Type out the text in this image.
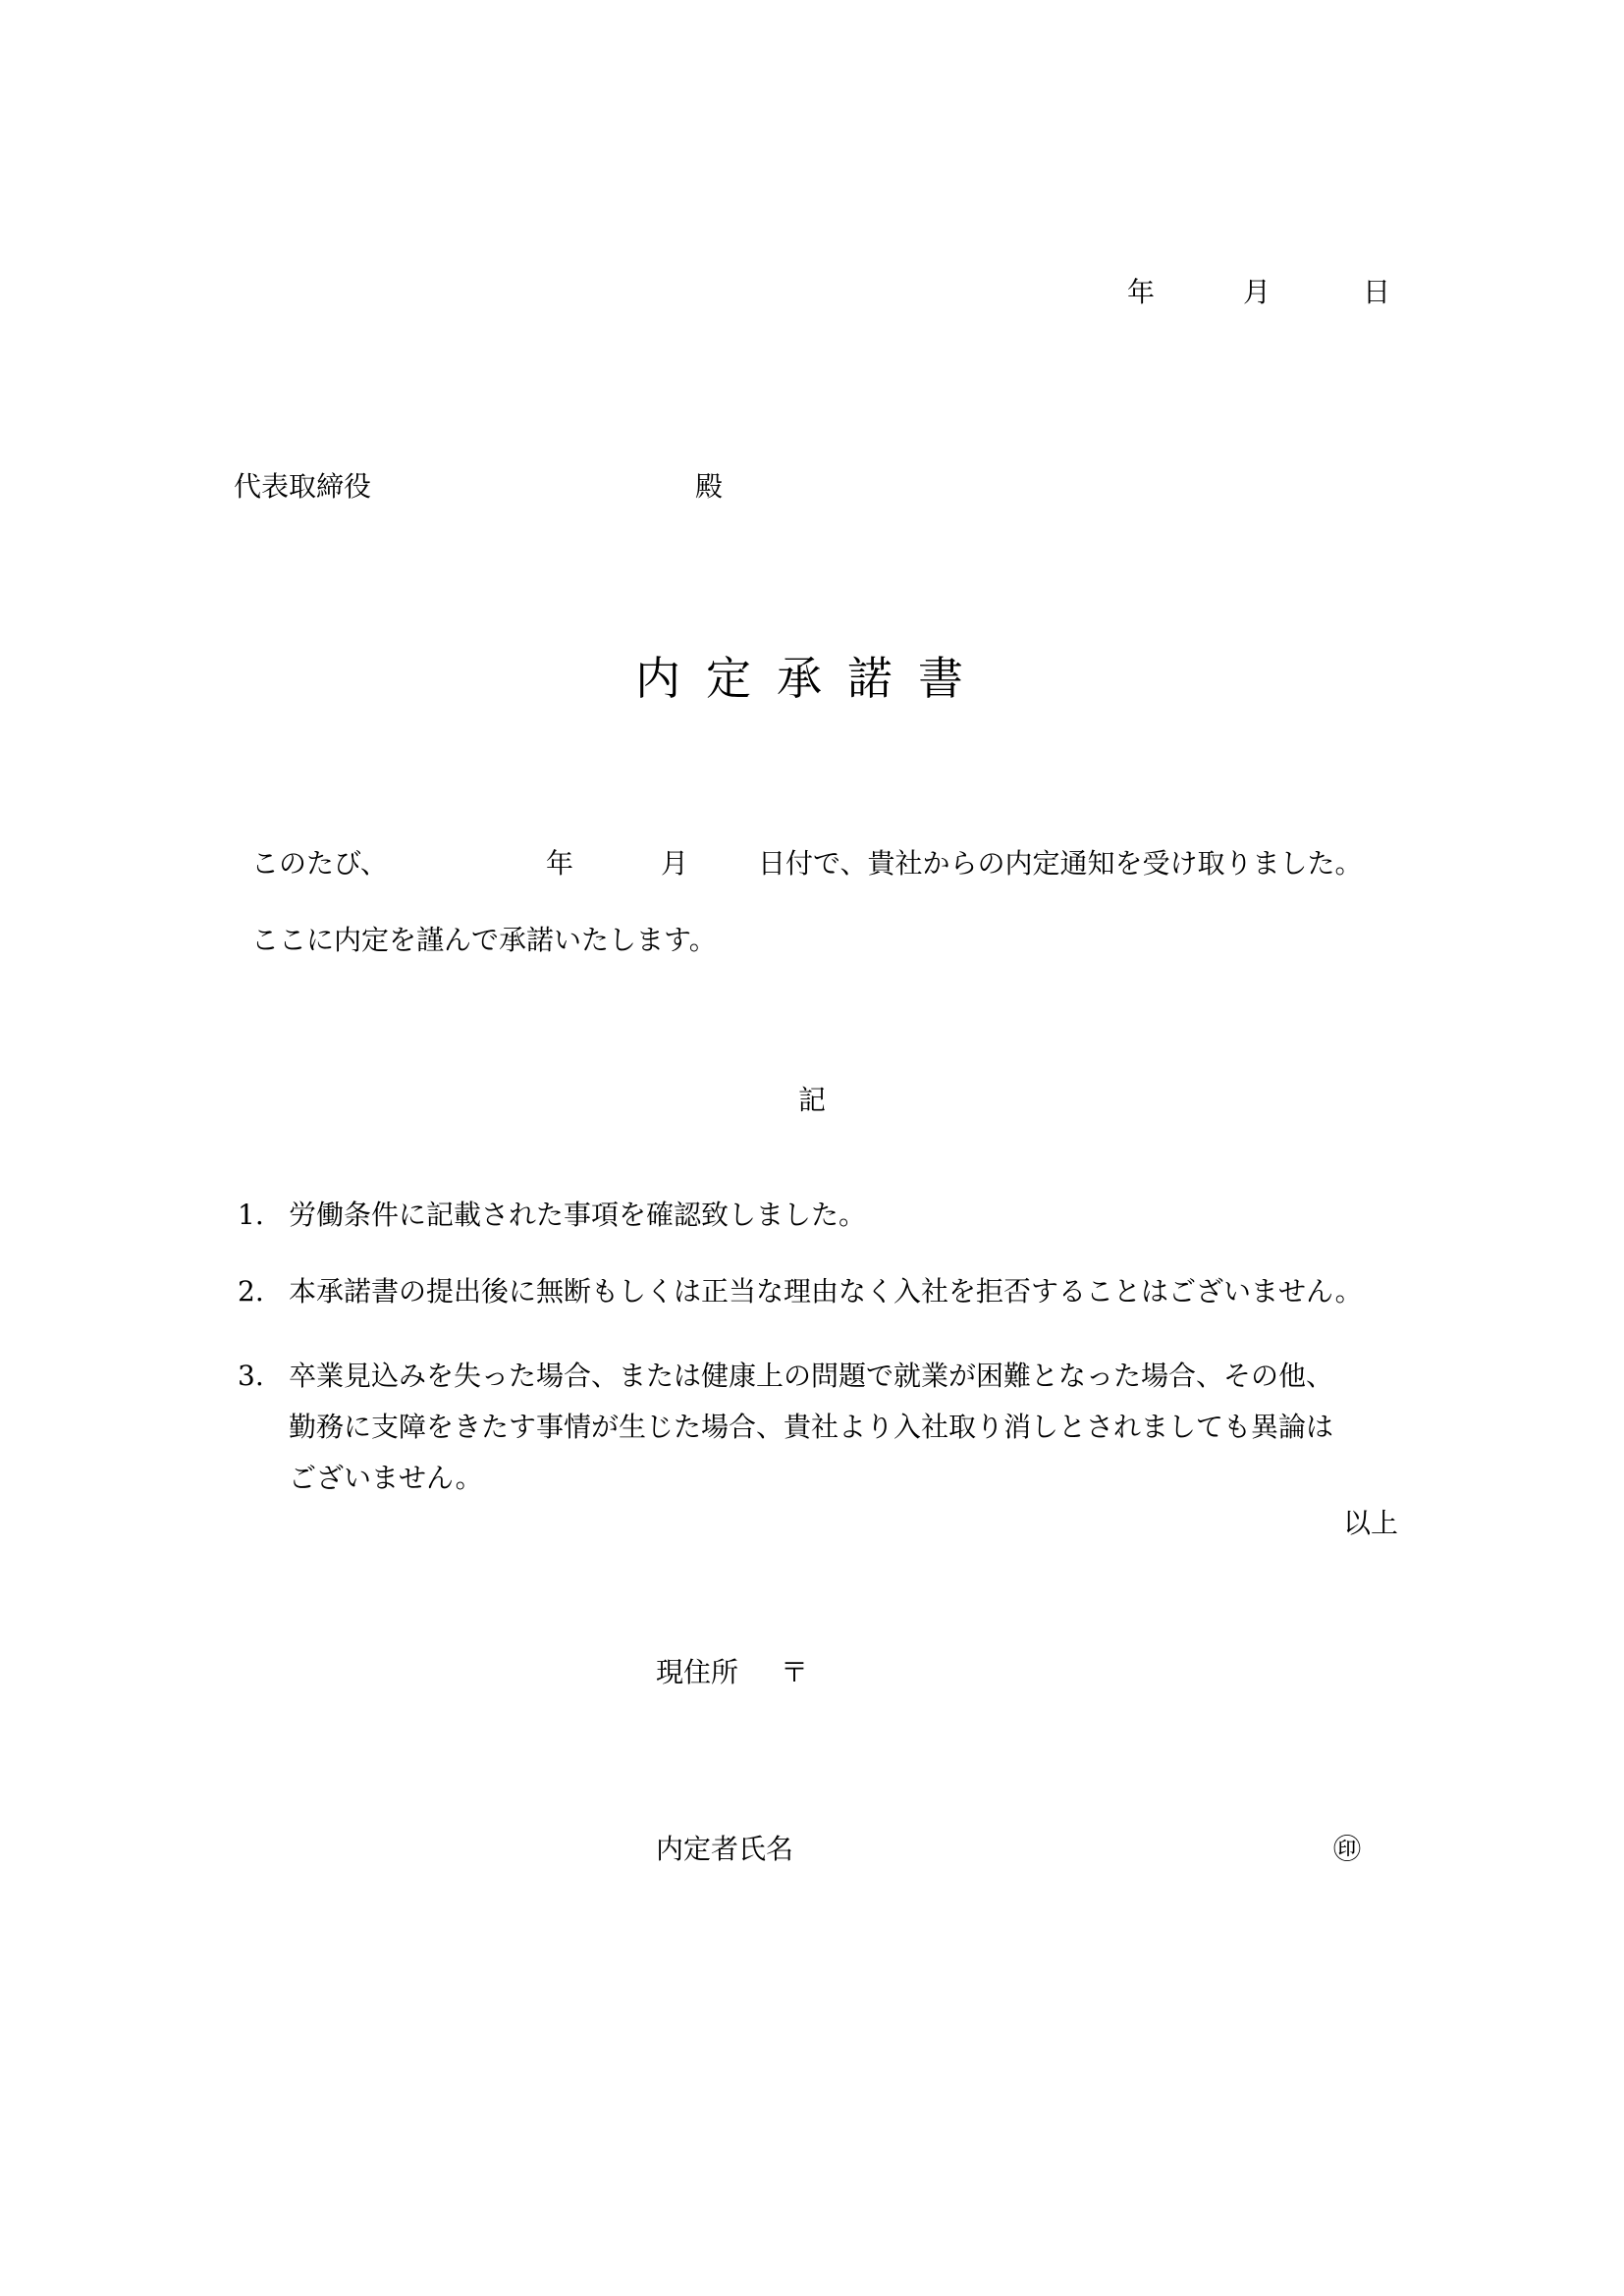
年	月	日
代表取締役	殿
内定承諾書
このたび、	年	月	日付で、貴社からの内定通知を受け取りました。
ここに内定を謹んで承諾いたします。
記
1. 労働条件に記載された事項を確認致しました。
2. 本承諾書の提出後に無断もしくは正当な理由なく入社を拒否することはございません。
3. 卒業見込みを失った場合、または健康上の問題で就業が困難となった場合、その他、
勤務に支障をきたす事情が生じた場合、貴社より入社取り消しとされましても異論は
ございません。
以上
現住所 〒
内定者氏名	㊞
